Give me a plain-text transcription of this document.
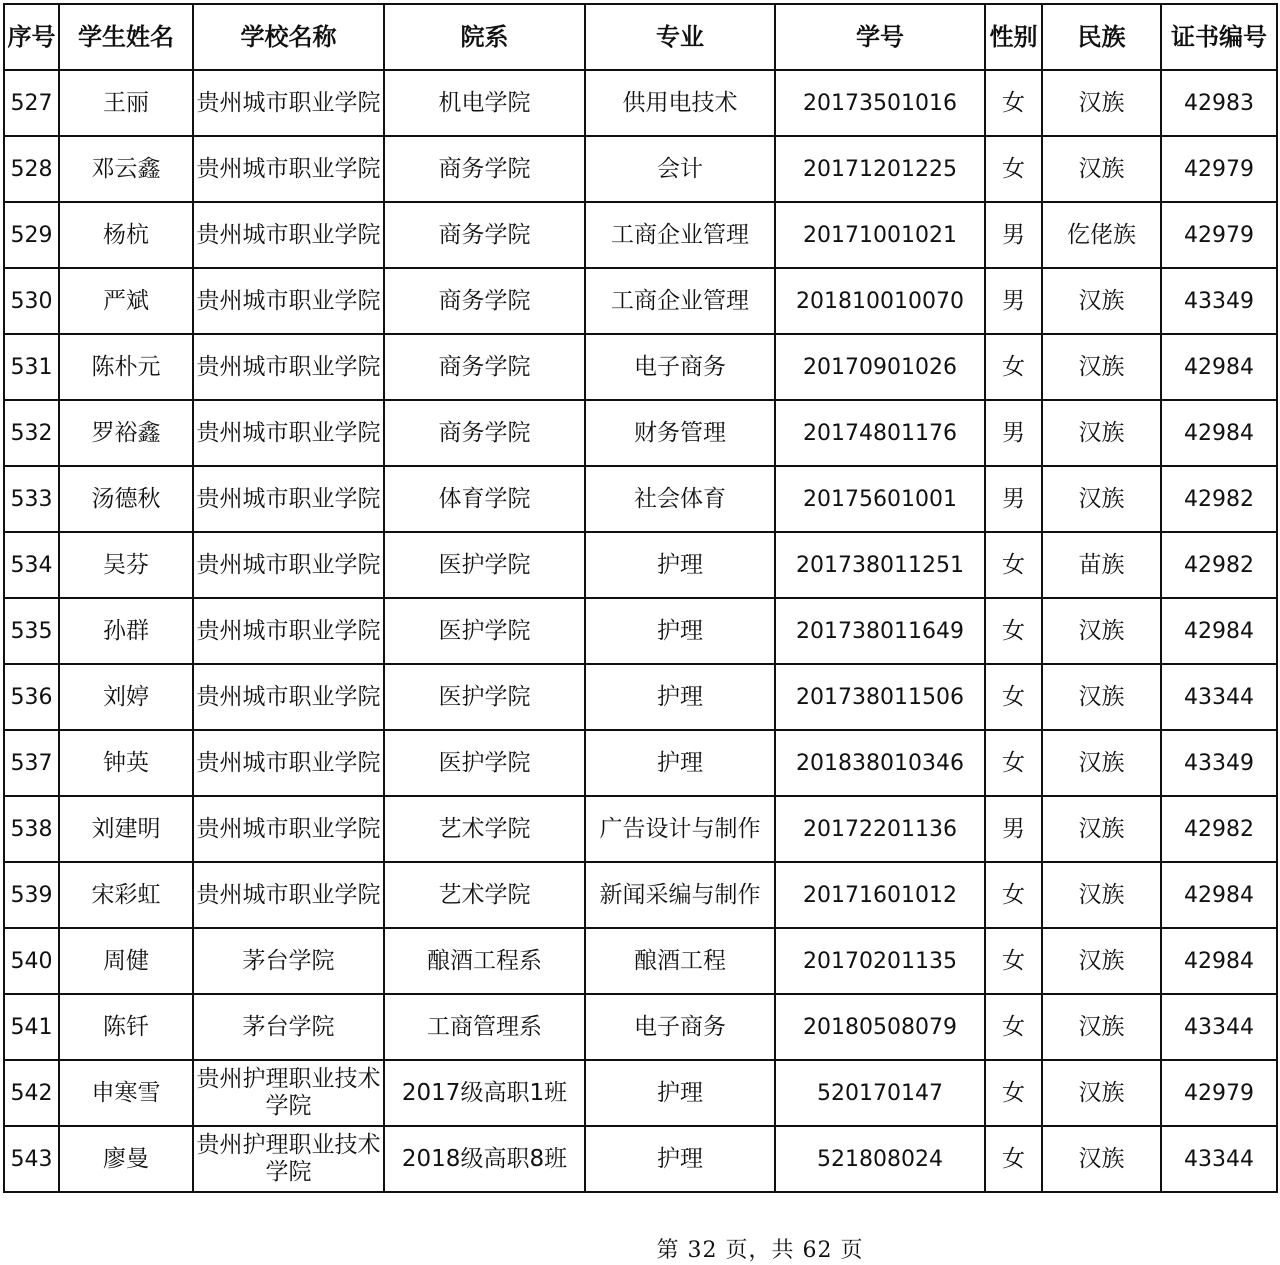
序号	学生姓名	学校名称	院系	专业	学号	性别	民族	证书编号
527	王丽	贵州城市职业学院	机电学院	供用电技术	20173501016	女	汉族	42983
528	邓云鑫	贵州城市职业学院	商务学院	会计	20171201225	女	汉族	42979
529	杨杭	贵州城市职业学院	商务学院	工商企业管理	20171001021	男	仡佬族	42979
530	严斌	贵州城市职业学院	商务学院	工商企业管理	201810010070	男	汉族	43349
531	陈朴元	贵州城市职业学院	商务学院	电子商务	20170901026	女	汉族	42984
532	罗裕鑫	贵州城市职业学院	商务学院	财务管理	20174801176	男	汉族	42984
533	汤德秋	贵州城市职业学院	体育学院	社会体育	20175601001	男	汉族	42982
534	吴芬	贵州城市职业学院	医护学院	护理	201738011251	女	苗族	42982
535	孙群	贵州城市职业学院	医护学院	护理	201738011649	女	汉族	42984
536	刘婷	贵州城市职业学院	医护学院	护理	201738011506	女	汉族	43344
537	钟英	贵州城市职业学院	医护学院	护理	201838010346	女	汉族	43349
538	刘建明	贵州城市职业学院	艺术学院	广告设计与制作	20172201136	男	汉族	42982
539	宋彩虹	贵州城市职业学院	艺术学院	新闻采编与制作	20171601012	女	汉族	42984
540	周健	茅台学院	酿酒工程系	酿酒工程	20170201135	女	汉族	42984
541	陈钎	茅台学院	工商管理系	电子商务	20180508079	女	汉族	43344
542	申寒雪	贵州护理职业技术学院	2017级高职1班	护理	520170147	女	汉族	42979
543	廖曼	贵州护理职业技术学院	2018级高职8班	护理	521808024	女	汉族	43344
第 32 页，共 62 页
